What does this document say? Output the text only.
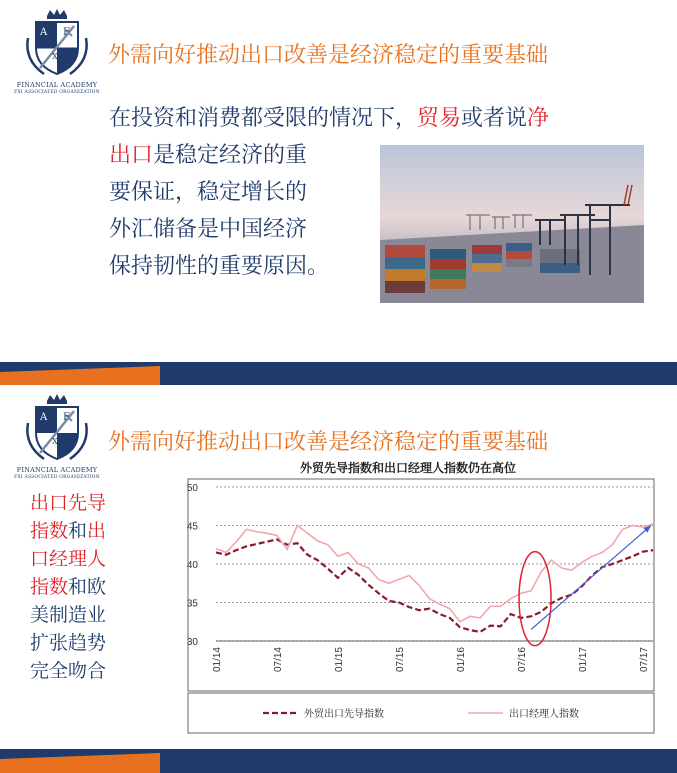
A F
X
FINANCIAL ACADEMY
FXI ASSOCIATED ORGANIZATION
外需向好推动出口改善是经济稳定的重要基础
在投资和消费都受限的情况下，贸易或者说净
出口是稳定经济的重
要保证，稳定增长的
外汇储备是中国经济
保持韧性的重要原因。
A F
X
FINANCIAL ACADEMY
FXI ASSOCIATED ORGANIZATION
外需向好推动出口改善是经济稳定的重要基础
出口先导
指数和出
口经理人
指数和欧
美制造业
扩张趋势
完全吻合
外贸先导指数和出口经理人指数仍在高位
30
35
40
45
50
01/14	07/14	01/15	07/15	01/16	07/16	01/17	07/17
外贸出口先导指数	出口经理人指数
